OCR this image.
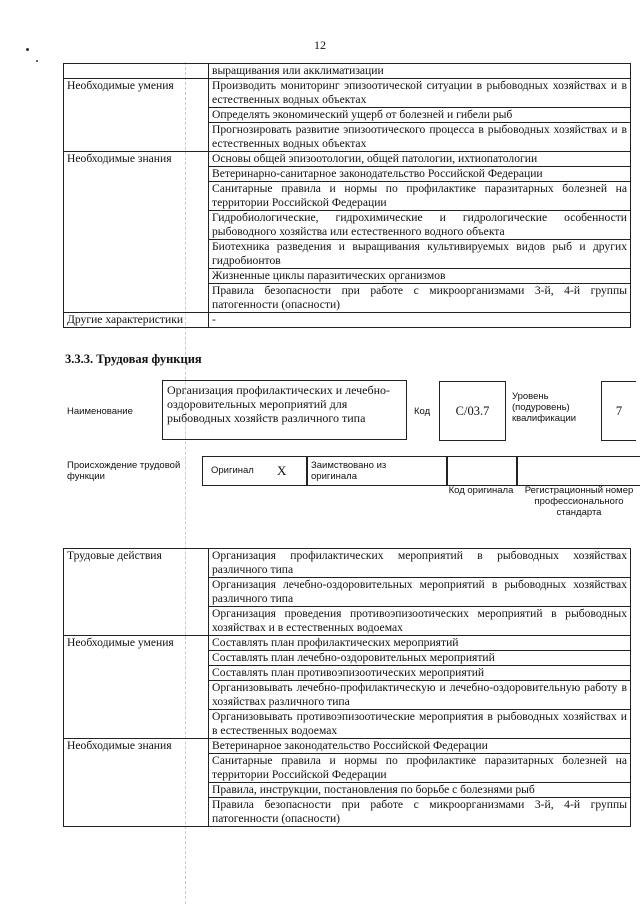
12
	выращивания или акклиматизации
Необходимые умения	Производить мониторинг эпизоотической ситуации в рыбоводных хозяйствах и в естественных водных объектах
	Определять экономический ущерб от болезней и гибели рыб
	Прогнозировать развитие эпизоотического процесса в рыбоводных хозяйствах и в естественных водных объектах
Необходимые знания	Основы общей эпизоотологии, общей патологии, ихтиопатологии
	Ветеринарно-санитарное законодательство Российской Федерации
	Санитарные правила и нормы по профилактике паразитарных болезней на территории Российской Федерации
	Гидробиологические, гидрохимические и гидрологические особенности рыбоводного хозяйства или естественного водного объекта
	Биотехника разведения и выращивания культивируемых видов рыб и других гидробионтов
	Жизненные циклы паразитических организмов
	Правила безопасности при работе с микроорганизмами 3-й, 4-й группы патогенности (опасности)
Другие характеристики	-
3.3.3. Трудовая функция
Наименование
Организация профилактических и лечебно-оздоровительных мероприятий для рыбоводных хозяйств различного типа	Код	С/03.7
Уровень (подуровень) квалификации
7
Происхождение трудовой функции
Оригинал X	Заимствовано из оригинала
Код оригинала	Регистрационный номер профессионального стандарта
Трудовые действия	Организация профилактических мероприятий в рыбоводных хозяйствах различного типа
	Организация лечебно-оздоровительных мероприятий в рыбоводных хозяйствах различного типа
	Организация проведения противоэпизоотических мероприятий в рыбоводных хозяйствах и в естественных водоемах
Необходимые умения	Составлять план профилактических мероприятий
	Составлять план лечебно-оздоровительных мероприятий
	Составлять план противоэпизоотических мероприятий
	Организовывать лечебно-профилактическую и лечебно-оздоровительную работу в хозяйствах различного типа
	Организовывать противоэпизоотические мероприятия в рыбоводных хозяйствах и в естественных водоемах
Необходимые знания	Ветеринарное законодательство Российской Федерации
	Санитарные правила и нормы по профилактике паразитарных болезней на территории Российской Федерации
	Правила, инструкции, постановления по борьбе с болезнями рыб
	Правила безопасности при работе с микроорганизмами 3-й, 4-й группы патогенности (опасности)
